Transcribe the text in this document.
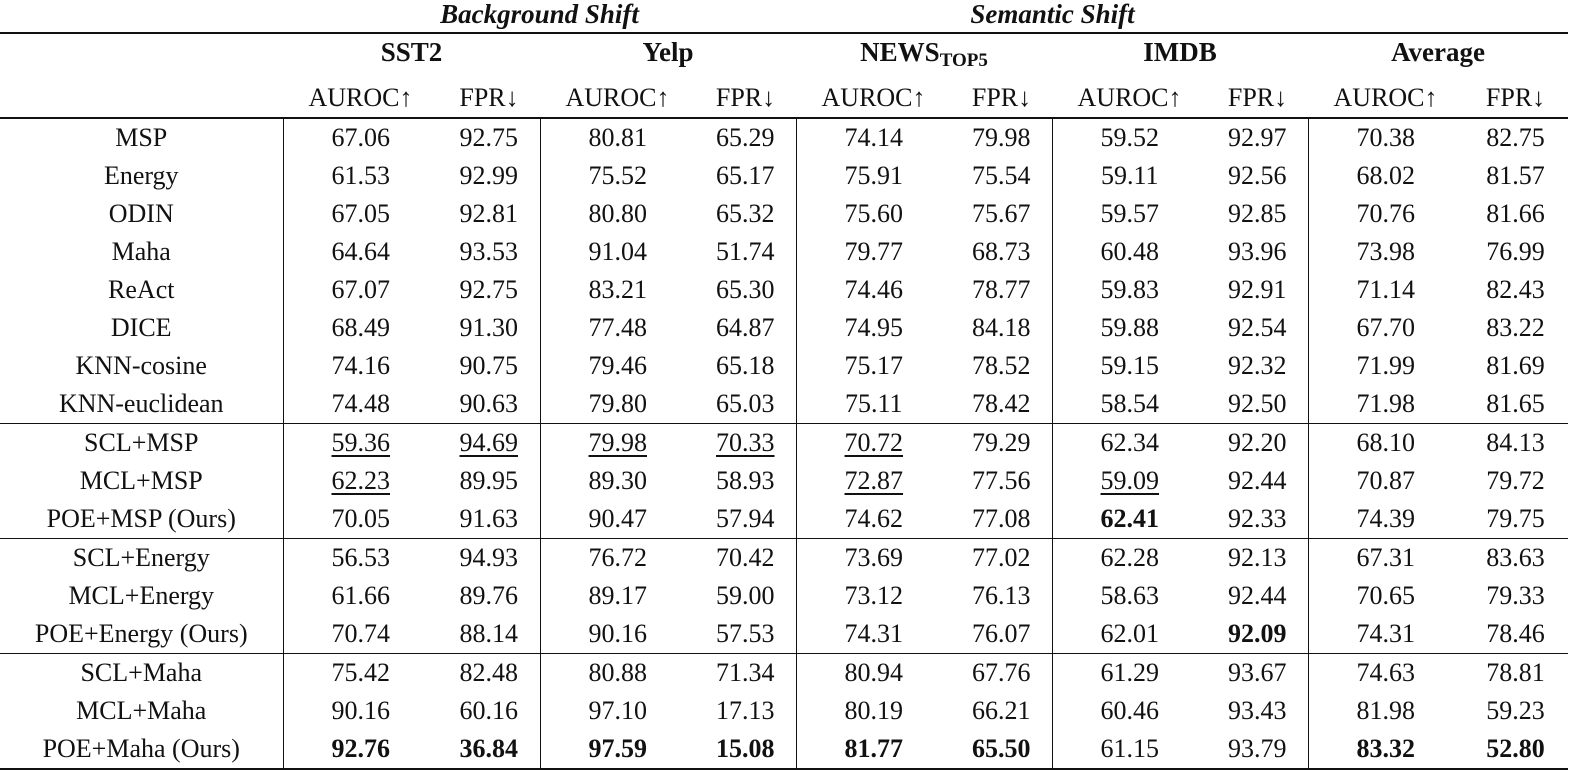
Background Shift	Semantic Shift
	SST2		Yelp		$NEWS_{TOP5}$		IMDB		Average	
	AUROC↑	FPR↓	AUROC↑	FPR↓	AUROC↑	FPR↓	AUROC↑	FPR↓	AUROC↑	FPR↓
MSP	67.06	92.75	80.81	65.29	74.14	79.98	59.52	92.97	70.38	82.75
Energy	61.53	92.99	75.52	65.17	75.91	75.54	59.11	92.56	68.02	81.57
ODIN	67.05	92.81	80.80	65.32	75.60	75.67	59.57	92.85	70.76	81.66
Maha	64.64	93.53	91.04	51.74	79.77	68.73	60.48	93.96	73.98	76.99
ReAct	67.07	92.75	83.21	65.30	74.46	78.77	59.83	92.91	71.14	82.43
DICE	68.49	91.30	77.48	64.87	74.95	84.18	59.88	92.54	67.70	83.22
KNN-cosine	74.16	90.75	79.46	65.18	75.17	78.52	59.15	92.32	71.99	81.69
KNN-euclidean	74.48	90.63	79.80	65.03	75.11	78.42	58.54	92.50	71.98	81.65
SCL+MSP	59.36	94.69	79.98	70.33	70.72	79.29	62.34	92.20	68.10	84.13
MCL+MSP	62.23	89.95	89.30	58.93	72.87	77.56	59.09	92.44	70.87	79.72
POE+MSP (Ours)	70.05	91.63	90.47	57.94	74.62	77.08	62.41	92.33	74.39	79.75
SCL+Energy	56.53	94.93	76.72	70.42	73.69	77.02	62.28	92.13	67.31	83.63
MCL+Energy	61.66	89.76	89.17	59.00	73.12	76.13	58.63	92.44	70.65	79.33
POE+Energy (Ours)	70.74	88.14	90.16	57.53	74.31	76.07	62.01	92.09	74.31	78.46
SCL+Maha	75.42	82.48	80.88	71.34	80.94	67.76	61.29	93.67	74.63	78.81
MCL+Maha	90.16	60.16	97.10	17.13	80.19	66.21	60.46	93.43	81.98	59.23
POE+Maha (Ours)	92.76	36.84	97.59	15.08	81.77	65.50	61.15	93.79	83.32	52.80
